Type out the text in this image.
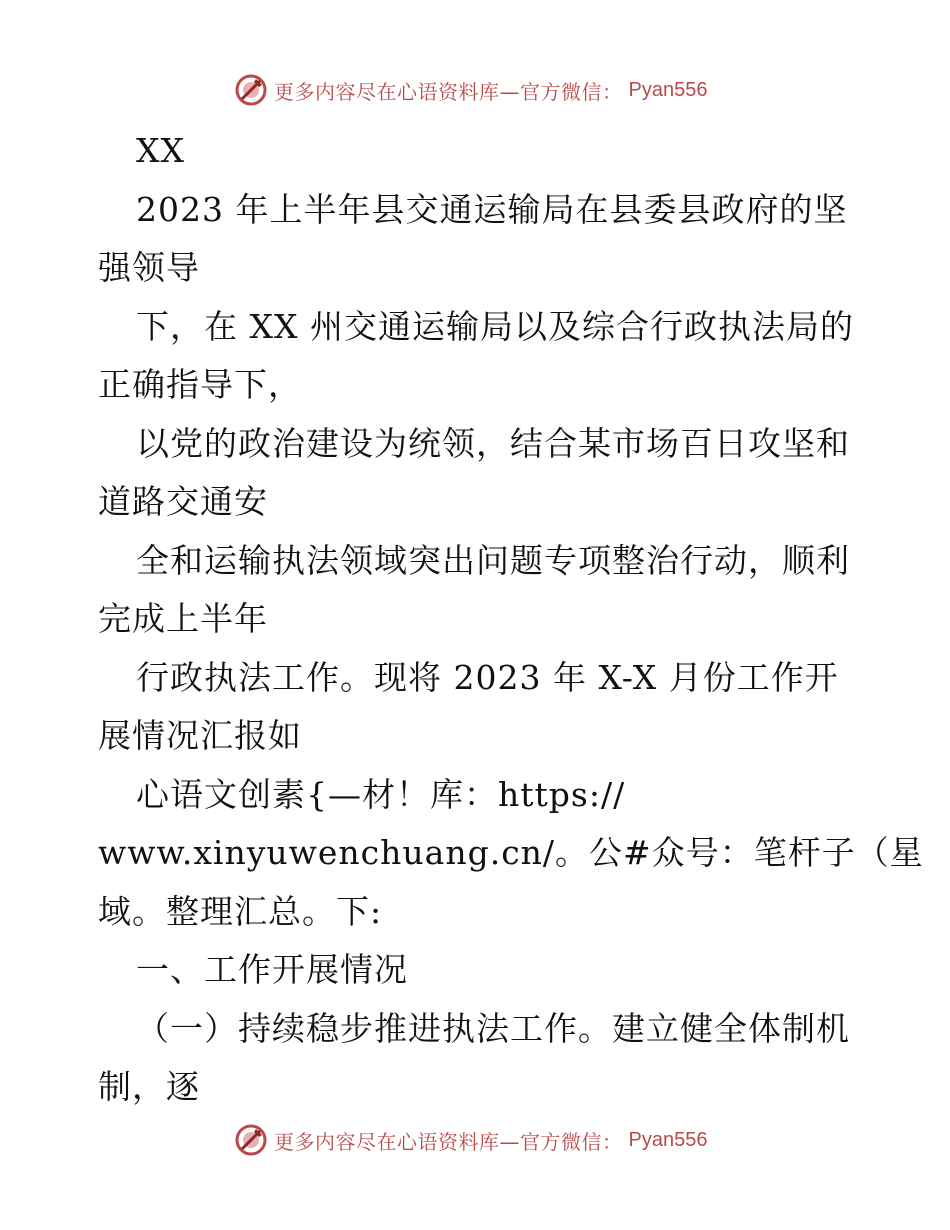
更多内容尽在心语资料库—官方微信： Pyan556
XX
2023 年上半年县交通运输局在县委县政府的坚
强领导
下，在 XX 州交通运输局以及综合行政执法局的
正确指导下，
以党的政治建设为统领，结合某市场百日攻坚和
道路交通安
全和运输执法领域突出问题专项整治行动，顺利
完成上半年
行政执法工作。现将 2023 年 X-X 月份工作开
展情况汇报如
心语文创素{—材！库：https://
www.xinyuwenchuang.cn/。公#众号：笔杆子（星
域。整理汇总。下:
一、工作开展情况
（一）持续稳步推进执法工作。建立健全体制机
制，逐
更多内容尽在心语资料库—官方微信： Pyan556
